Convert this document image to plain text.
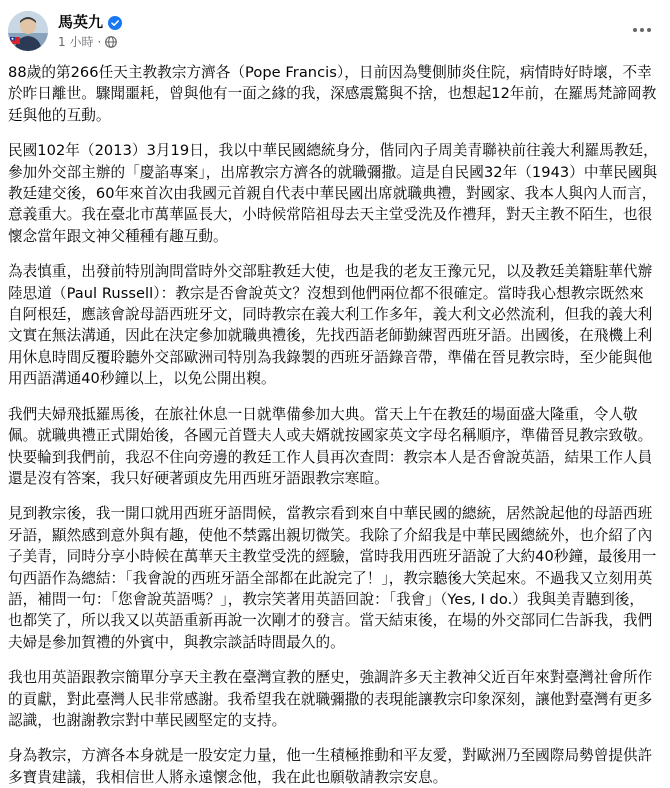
馬英九
1 小時 ·

88歲的第266任天主教教宗方濟各（Pope Francis），日前因為雙側肺炎住院，病情時好時壞，不幸於昨日離世。驟聞噩耗，曾與他有一面之緣的我，深感震驚與不捨，也想起12年前，在羅馬梵諦岡教廷與他的互動。

民國102年（2013）3月19日，我以中華民國總統身分，偕同內子周美青聯袂前往義大利羅馬教廷，參加外交部主辦的「慶諂專案」，出席教宗方濟各的就職彌撒。這是自民國32年（1943）中華民國與教廷建交後，60年來首次由我國元首親自代表中華民國出席就職典禮，對國家、我本人與內人而言，意義重大。我在臺北市萬華區長大，小時候常陪祖母去天主堂受洗及作禮拜，對天主教不陌生，也很懷念當年跟文神父種種有趣互動。

為表慎重，出發前特別詢問當時外交部駐教廷大使，也是我的老友王豫元兄，以及教廷美籍駐華代辦陸思道（Paul Russell）：教宗是否會說英文？沒想到他們兩位都不很確定。當時我心想教宗既然來自阿根廷，應該會說母語西班牙文，同時教宗在義大利工作多年，義大利文必然流利，但我的義大利文實在無法溝通，因此在決定參加就職典禮後，先找西語老師勤練習西班牙語。出國後，在飛機上利用休息時間反覆聆聽外交部歐洲司特別為我錄製的西班牙語錄音帶，準備在晉見教宗時，至少能與他用西語溝通40秒鐘以上，以免公開出糗。

我們夫婦飛抵羅馬後，在旅社休息一日就準備參加大典。當天上午在教廷的場面盛大隆重，令人敬佩。就職典禮正式開始後，各國元首暨夫人或夫婿就按國家英文字母名稱順序，準備晉見教宗致敬。快要輪到我們前，我忍不住向旁邊的教廷工作人員再次查問：教宗本人是否會說英語，結果工作人員還是沒有答案，我只好硬著頭皮先用西班牙語跟教宗寒暄。

見到教宗後，我一開口就用西班牙語問候，當教宗看到來自中華民國的總統，居然說起他的母語西班牙語，顯然感到意外與有趣，使他不禁露出親切微笑。我除了介紹我是中華民國總統外，也介紹了內子美青，同時分享小時候在萬華天主教堂受洗的經驗，當時我用西班牙語說了大約40秒鐘，最後用一句西語作為總結：「我會說的西班牙語全部都在此說完了！」，教宗聽後大笑起來。不過我又立刻用英語，補問一句：「您會說英語嗎？」，教宗笑著用英語回說：「我會」（Yes, I do.）我與美青聽到後，也都笑了，所以我又以英語重新再說一次剛才的發言。當天結束後，在場的外交部同仁告訴我，我們夫婦是參加賀禮的外賓中，與教宗談話時間最久的。

我也用英語跟教宗簡單分享天主教在臺灣宣教的歷史，強調許多天主教神父近百年來對臺灣社會所作的貢獻，對此臺灣人民非常感謝。我希望我在就職彌撒的表現能讓教宗印象深刻，讓他對臺灣有更多認識，也謝謝教宗對中華民國堅定的支持。

身為教宗，方濟各本身就是一股安定力量，他一生積極推動和平友愛，對歐洲乃至國際局勢曾提供許多寶貴建議，我相信世人將永遠懷念他，我在此也願敬請教宗安息。
